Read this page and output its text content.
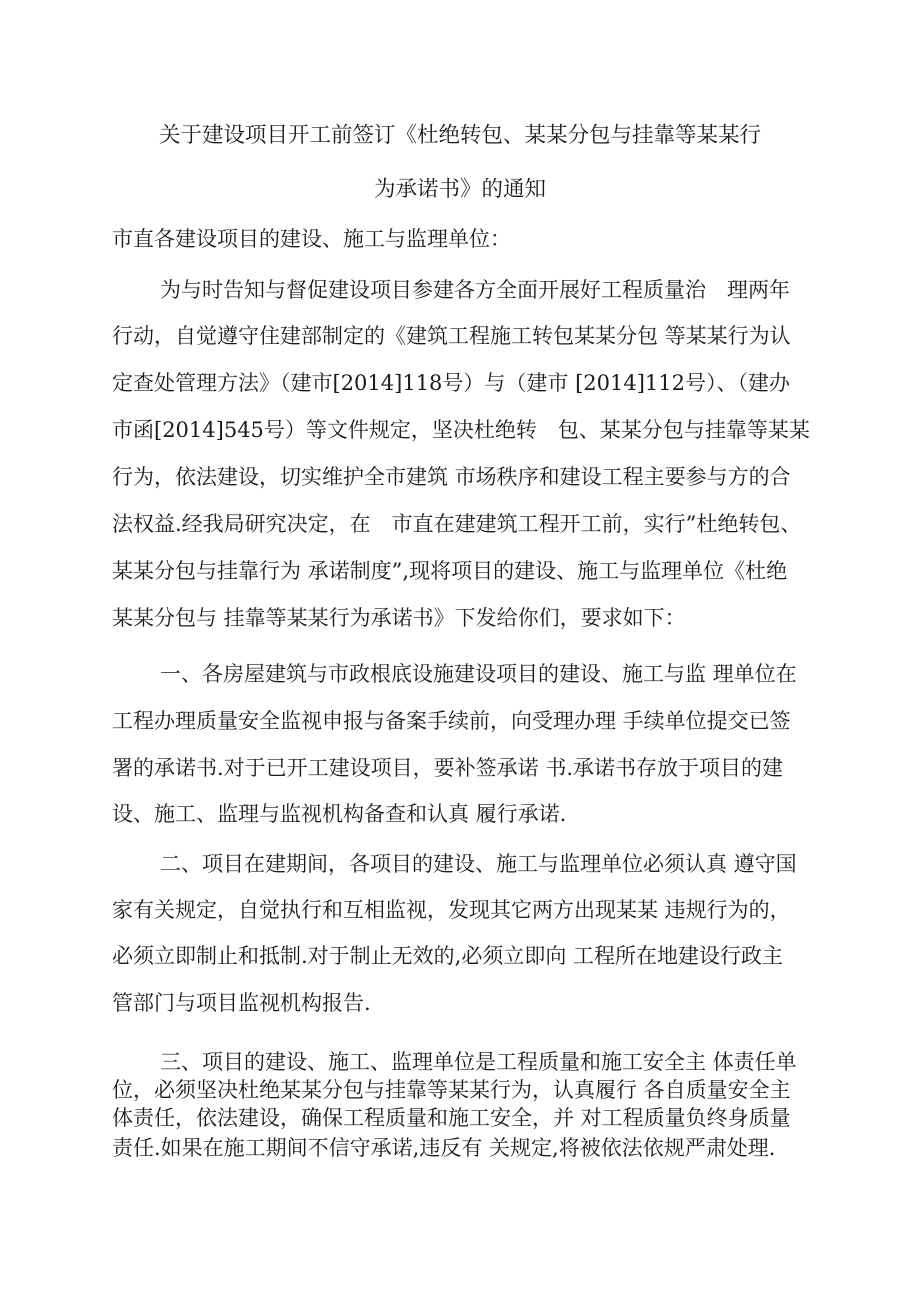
关于建设项目开工前签订《杜绝转包、某某分包与挂靠等某某行
为承诺书》的通知
市直各建设项目的建设、施工与监理单位：
为与时告知与督促建设项目参建各方全面开展好工程质量治　理两年
行动，自觉遵守住建部制定的《建筑工程施工转包某某分包 等某某行为认
定查处管理方法》（建市[2014]118号）与（建市 [2014]112号）、（建办
市函[2014]545号）等文件规定，坚决杜绝转　包、某某分包与挂靠等某某
行为，依法建设，切实维护全市建筑 市场秩序和建设工程主要参与方的合
法权益.经我局研究决定，在　市直在建建筑工程开工前，实行”杜绝转包、
某某分包与挂靠行为 承诺制度”,现将项目的建设、施工与监理单位《杜绝
某某分包与 挂靠等某某行为承诺书》下发给你们，要求如下：
一、各房屋建筑与市政根底设施建设项目的建设、施工与监 理单位在
工程办理质量安全监视申报与备案手续前，向受理办理 手续单位提交已签
署的承诺书.对于已开工建设项目，要补签承诺 书.承诺书存放于项目的建
设、施工、监理与监视机构备查和认真 履行承诺.
二、项目在建期间，各项目的建设、施工与监理单位必须认真 遵守国
家有关规定，自觉执行和互相监视，发现其它两方出现某某 违规行为的，
必须立即制止和抵制.对于制止无效的,必须立即向 工程所在地建设行政主
管部门与项目监视机构报告.
三、项目的建设、施工、监理单位是工程质量和施工安全主 体责任单
位，必须坚决杜绝某某分包与挂靠等某某行为，认真履行 各自质量安全主
体责任，依法建设，确保工程质量和施工安全，并 对工程质量负终身质量
责任.如果在施工期间不信守承诺,违反有 关规定,将被依法依规严肃处理.
